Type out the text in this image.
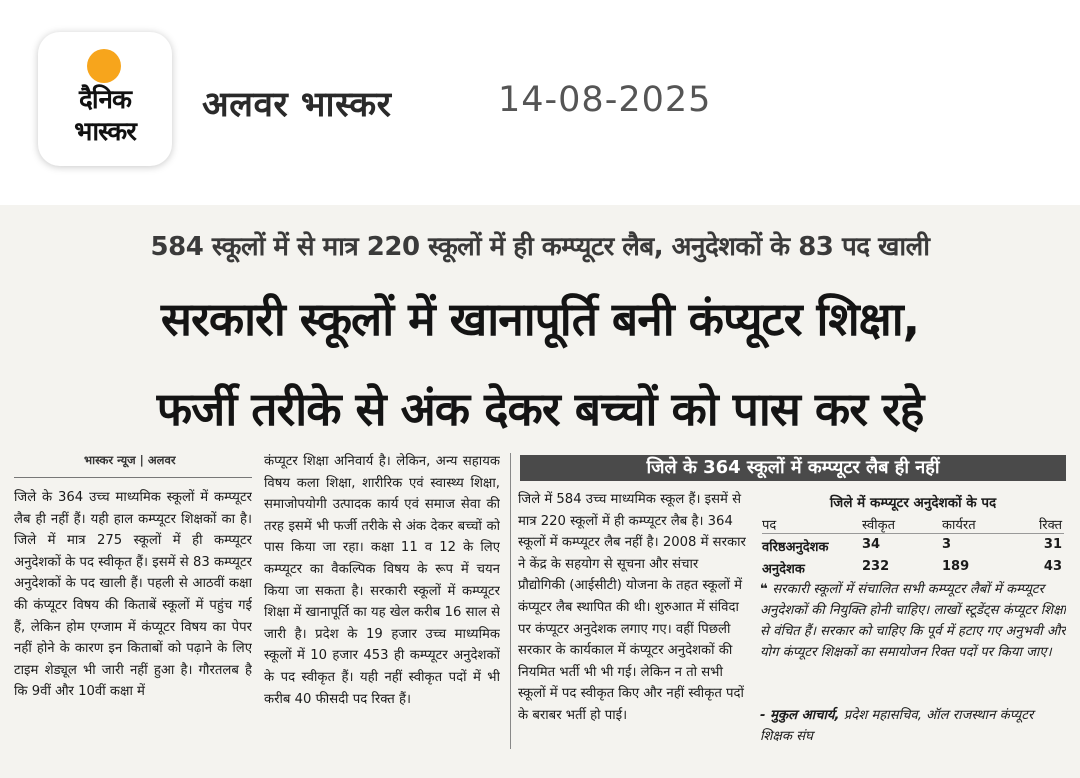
दैनिक
भास्कर
अलवर भास्कर	14-08-2025
584 स्कूलों में से मात्र 220 स्कूलों में ही कम्प्यूटर लैब, अनुदेशकों के 83 पद खाली
सरकारी स्कूलों में खानापूर्ति बनी कंप्यूटर शिक्षा,
फर्जी तरीके से अंक देकर बच्चों को पास कर रहे
भास्कर न्यूज | अलवर
जिले के 364 उच्च माध्यमिक स्कूलों में कम्प्यूटर लैब ही नहीं हैं। यही हाल कम्प्यूटर शिक्षकों का है। जिले में मात्र 275 स्कूलों में ही कम्प्यूटर अनुदेशकों के पद स्वीकृत हैं। इसमें से 83 कम्प्यूटर अनुदेशकों के पद खाली हैं। पहली से आठवीं कक्षा की कंप्यूटर विषय की किताबें स्कूलों में पहुंच गई हैं, लेकिन होम एग्जाम में कंप्यूटर विषय का पेपर नहीं होने के कारण इन किताबों को पढ़ाने के लिए टाइम शेड्यूल भी जारी नहीं हुआ है। गौरतलब है कि 9वीं और 10वीं कक्षा में
कंप्यूटर शिक्षा अनिवार्य है। लेकिन, अन्य सहायक विषय कला शिक्षा, शारीरिक एवं स्वास्थ्य शिक्षा, समाजोपयोगी उत्पादक कार्य एवं समाज सेवा की तरह इसमें भी फर्जी तरीके से अंक देकर बच्चों को पास किया जा रहा। कक्षा 11 व 12 के लिए कम्प्यूटर का वैकल्पिक विषय के रूप में चयन किया जा सकता है। सरकारी स्कूलों में कम्प्यूटर शिक्षा में खानापूर्ति का यह खेल करीब 16 साल से जारी है। प्रदेश के 19 हजार उच्च माध्यमिक स्कूलों में 10 हजार 453 ही कम्प्यूटर अनुदेशकों के पद स्वीकृत हैं। यही नहीं स्वीकृत पदों में भी करीब 40 फीसदी पद रिक्त हैं।
जिले के 364 स्कूलों में कम्प्यूटर लैब ही नहीं
जिले में 584 उच्च माध्यमिक स्कूल हैं। इसमें से मात्र 220 स्कूलों में ही कम्प्यूटर लैब है। 364 स्कूलों में कम्प्यूटर लैब नहीं है। 2008 में सरकार ने केंद्र के सहयोग से सूचना और संचार प्रौद्योगिकी (आईसीटी) योजना के तहत स्कूलों में कंप्यूटर लैब स्थापित की थी। शुरुआत में संविदा पर कंप्यूटर अनुदेशक लगाए गए। वहीं पिछली सरकार के कार्यकाल में कंप्यूटर अनुदेशकों की नियमित भर्ती भी भी गई। लेकिन न तो सभी स्कूलों में पद स्वीकृत किए और नहीं स्वीकृत पदों के बराबर भर्ती हो पाई।
जिले में कम्प्यूटर अनुदेशकों के पद
पद	स्वीकृत	कार्यरत	रिक्त
वरिष्ठअनुदेशक	34	3	31
अनुदेशक	232	189	43
❝ सरकारी स्कूलों में संचालित सभी कम्प्यूटर लैबों में कम्प्यूटर अनुदेशकों की नियुक्ति होनी चाहिए। लाखों स्टूडेंट्स कंप्यूटर शिक्षा से वंचित हैं। सरकार को चाहिए कि पूर्व में हटाए गए अनुभवी और योग कंप्यूटर शिक्षकों का समायोजन रिक्त पदों पर किया जाए।
- मुकुल आचार्य, प्रदेश महासचिव, ऑल राजस्थान कंप्यूटर शिक्षक संघ
